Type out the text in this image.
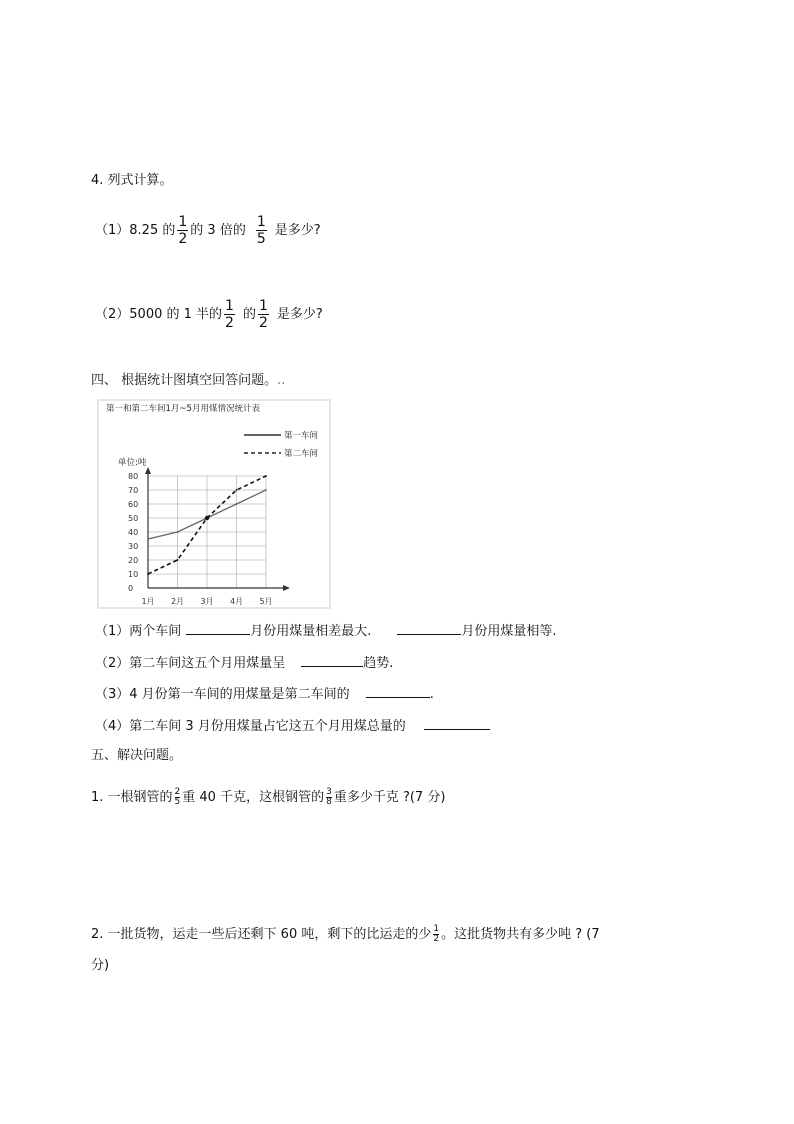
4. 列式计算。
（1）8.25 的 $\frac{1}{2}$ 的 3 倍的 $\frac{1}{5}$ 是多少?
（2）5000 的 1 半的 $\frac{1}{2}$ 的 $\frac{1}{2}$ 是多少?
四、 根据统计图填空回答问题。..
第一和第二车间1月~5月用煤情况统计表
第一车间
第二车间
单位:吨
0
10
20
30
40
50
60
70
80
1月 2月 3月 4月 5月
（1）两个车间	月份用煤量相差最大.	月份用煤量相等.
（2）第二车间这五个月用煤量呈	趋势.
（3）4 月份第一车间的用煤量是第二车间的	.
（4）第二车间 3 月份用煤量占它这五个月用煤总量的
五、解决问题。
1. 一根钢管的 $\frac{2}{5}$ 重 40 千克，这根钢管的 $\frac{3}{8}$ 重多少千克 ?(7 分)
2. 一批货物，运走一些后还剩下 60 吨，剩下的比运走的少 $\frac{1}{2}$ 。这批货物共有多少吨 ? (7
分)
